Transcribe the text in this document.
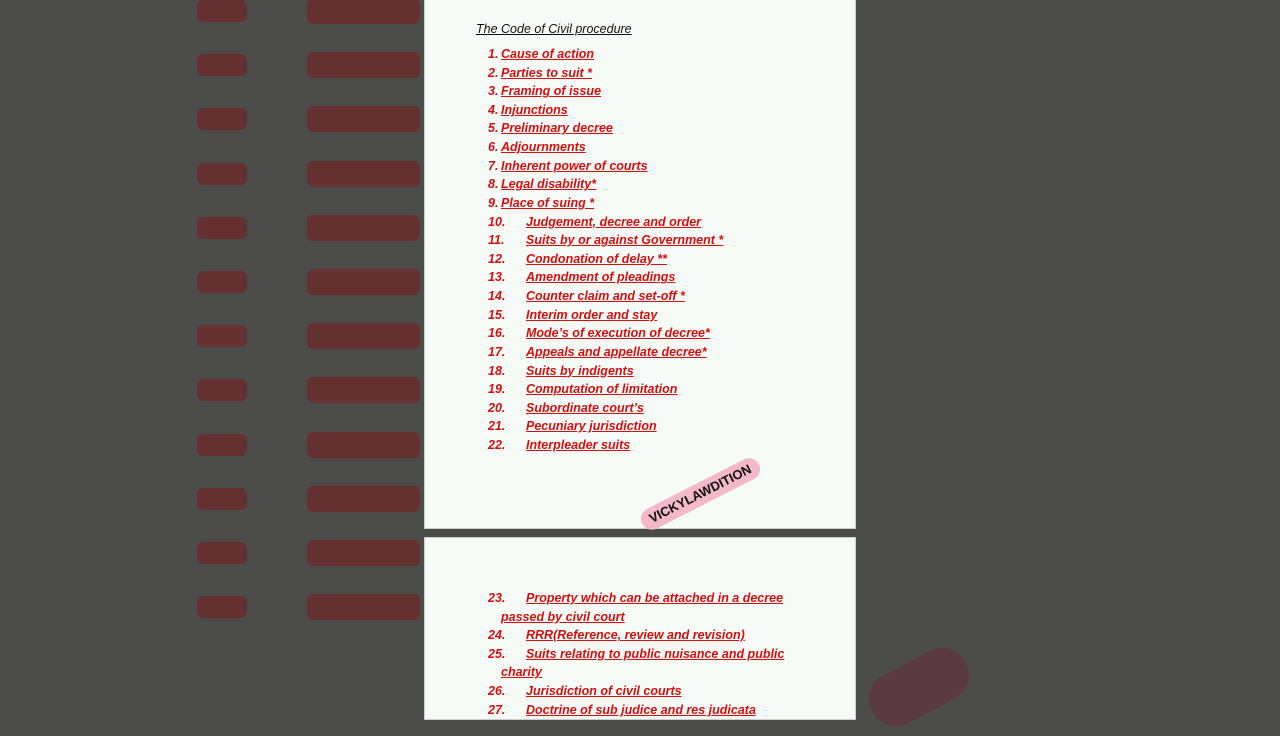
The Code of Civil procedure
1. Cause of action
2. Parties to suit *
3. Framing of issue
4. Injunctions
5. Preliminary decree
6. Adjournments
7. Inherent power of courts
8. Legal disability*
9. Place of suing *
10. Judgement, decree and order
11. Suits by or against Government *
12. Condonation of delay **
13. Amendment of pleadings
14. Counter claim and set-off *
15. Interim order and stay
16. Mode’s of execution of decree*
17. Appeals and appellate decree*
18. Suits by indigents
19. Computation of limitation
20. Subordinate court’s
21. Pecuniary jurisdiction
22. Interpleader suits
VICKYLAWDITION
23. Property which can be attached in a decree
passed by civil court
24. RRR(Reference, review and revision)
25. Suits relating to public nuisance and public
charity
26. Jurisdiction of civil courts
27. Doctrine of sub judice and res judicata
